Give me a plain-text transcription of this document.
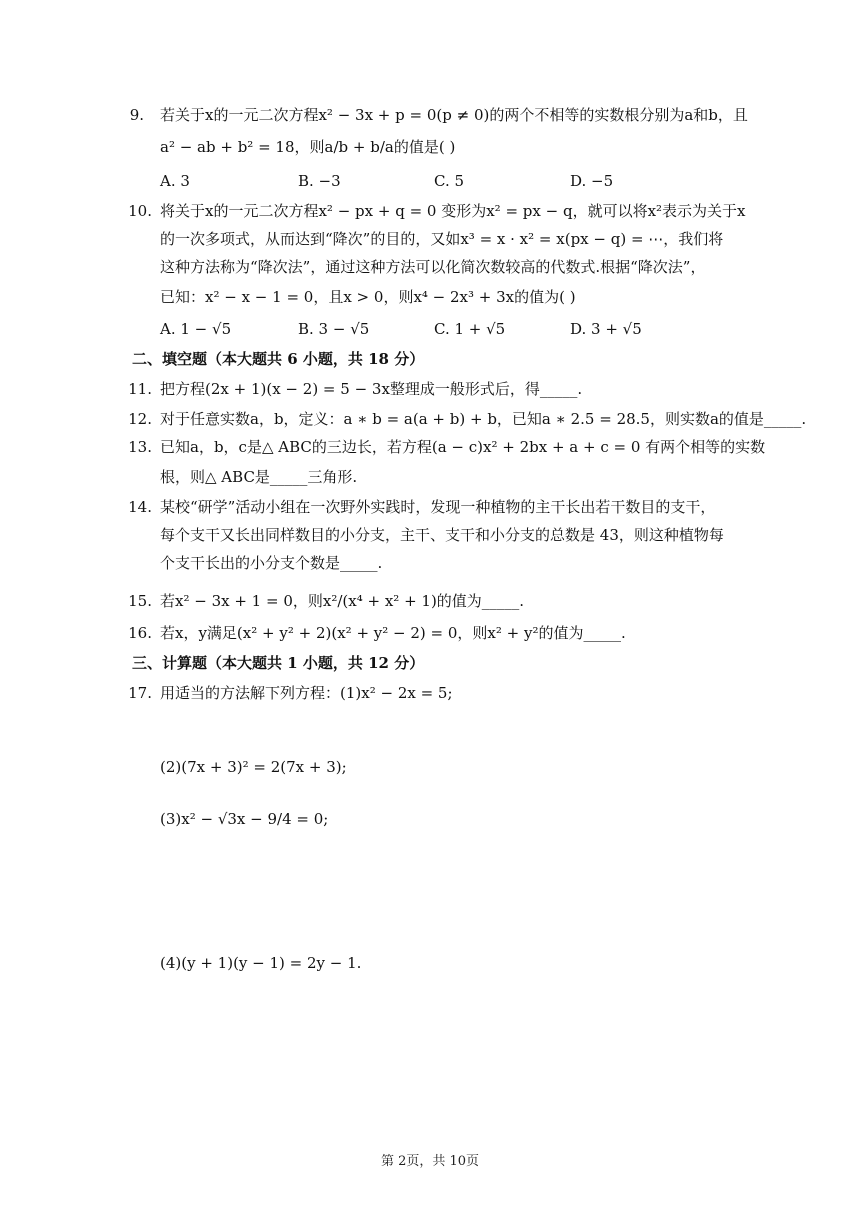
9. 若关于x的一元二次方程x² − 3x + p = 0(p ≠ 0)的两个不相等的实数根分别为a和b，且
a² − ab + b² = 18，则a/b + b/a的值是( )
A. 3	B. −3	C. 5	D. −5
10. 将关于x的一元二次方程x² − px + q = 0 变形为x² = px − q，就可以将x²表示为关于x
的一次多项式，从而达到“降次”的目的，又如x³ = x · x² = x(px − q) = ⋯，我们将
这种方法称为“降次法”，通过这种方法可以化简次数较高的代数式.根据“降次法”，
已知：x² − x − 1 = 0，且x > 0，则x⁴ − 2x³ + 3x的值为( )
A. 1 − √5	B. 3 − √5	C. 1 + √5	D. 3 + √5
二、填空题（本大题共 6 小题，共 18 分）
11. 把方程(2x + 1)(x − 2) = 5 − 3x整理成一般形式后，得_____.
12. 对于任意实数a，b，定义：a ∗ b = a(a + b) + b，已知a ∗ 2.5 = 28.5，则实数a的值是_____.
13. 已知a，b，c是△ ABC的三边长，若方程(a − c)x² + 2bx + a + c = 0 有两个相等的实数
根，则△ ABC是_____三角形.
14. 某校“研学”活动小组在一次野外实践时，发现一种植物的主干长出若干数目的支干，
每个支干又长出同样数目的小分支，主干、支干和小分支的总数是 43，则这种植物每
个支干长出的小分支个数是_____.
15. 若x² − 3x + 1 = 0，则x²/(x⁴ + x² + 1)的值为_____.
16. 若x，y满足(x² + y² + 2)(x² + y² − 2) = 0，则x² + y²的值为_____.
三、计算题（本大题共 1 小题，共 12 分）
17. 用适当的方法解下列方程：(1)x² − 2x = 5;
(2)(7x + 3)² = 2(7x + 3);
(3)x² − √3x − 9/4 = 0;
(4)(y + 1)(y − 1) = 2y − 1.
第 2页，共 10页
